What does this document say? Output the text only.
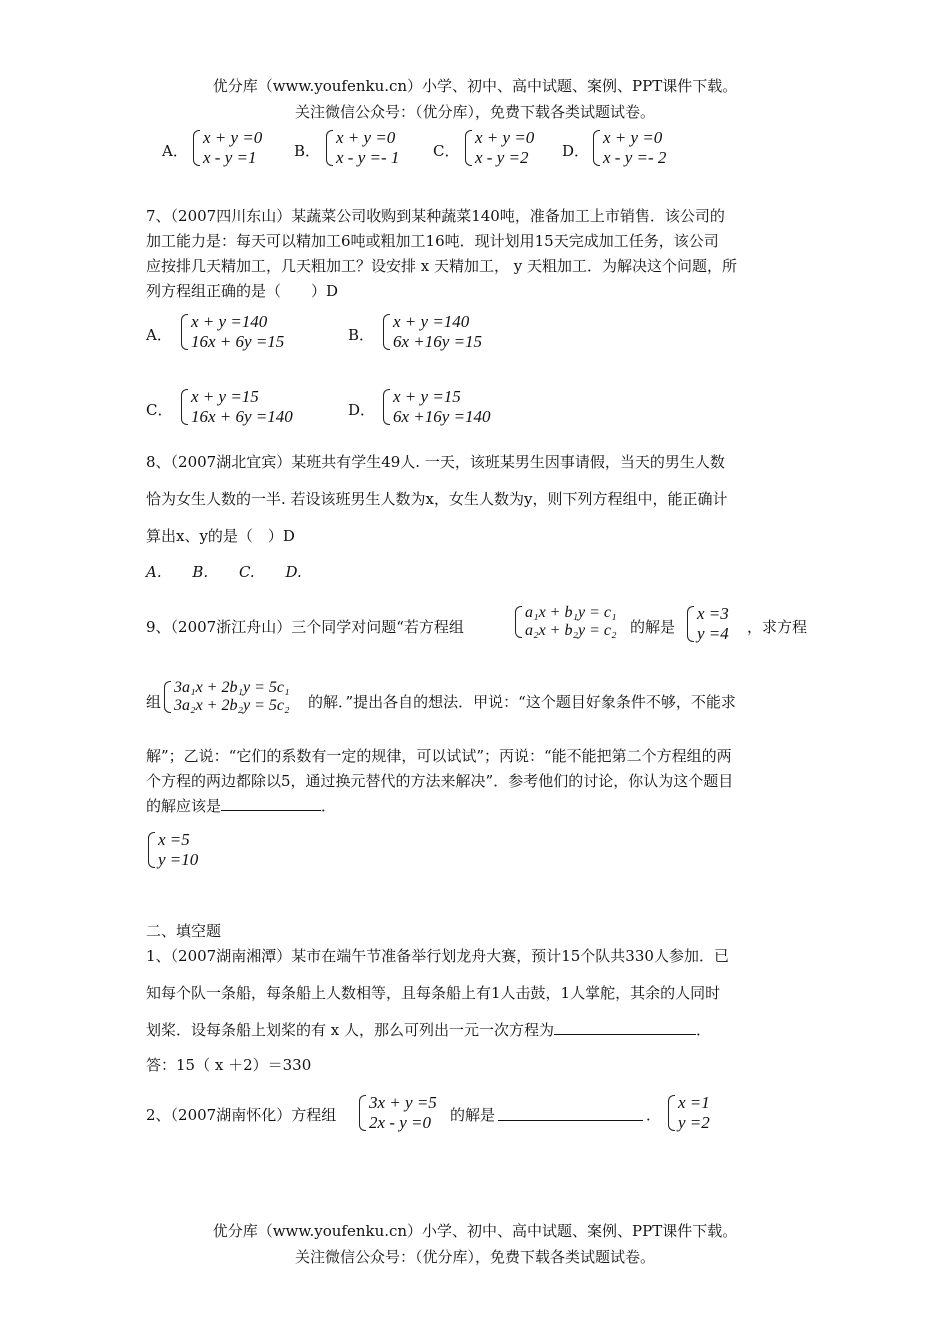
优分库（www.youfenku.cn）小学、初中、高中试题、案例、PPT课件下载。
关注微信公众号：（优分库），免费下载各类试题试卷。
A．
x + y =0
x - y =1	B．
x + y =0
x - y =- 1 C．
x + y =0
x - y =2	D．
x + y =0
x - y =- 2
7、（2007四川东山）某蔬菜公司收购到某种蔬菜140吨，准备加工上市销售．该公司的
加工能力是：每天可以精加工6吨或粗加工16吨．现计划用15天完成加工任务，该公司
应按排几天精加工，几天粗加工？设安排 x 天精加工， y 天粗加工．为解决这个问题，所
列方程组正确的是（　　）D
A．
x + y =140
16x + 6y =15	B．
x + y =140
6x +16y =15
C．
x + y =15
16x + 6y =140	D．
x + y =15
6x +16y =140
8、（2007湖北宜宾）某班共有学生49人. 一天，该班某男生因事请假，当天的男生人数
恰为女生人数的一半. 若设该班男生人数为x，女生人数为y，则下列方程组中，能正确计
算出x、y的是（　）D
A. B. C. D.
9、（2007浙江舟山）三个同学对问题“若方程组
a₁x + b₁y = c₁
a₂x + b₂y = c₂ 的解是
x =3
y =4 ，求方程
组
3a₁x + 2b₁y = 5c₁
3a₂x + 2b₂y = 5c₂ 的解．”提出各自的想法．甲说：“这个题目好象条件不够，不能求
解”；乙说：“它们的系数有一定的规律，可以试试”；丙说：“能不能把第二个方程组的两
个方程的两边都除以5，通过换元替代的方法来解决”．参考他们的讨论，你认为这个题目
的解应该是	．
x =5
y =10
二、填空题
1、（2007湖南湘潭）某市在端午节准备举行划龙舟大赛，预计15个队共330人参加．已
知每个队一条船，每条船上人数相等，且每条船上有1人击鼓，1人掌舵，其余的人同时
划桨．设每条船上划桨的有 x 人，那么可列出一元一次方程为	．
答：15（ x ＋2）＝330
2、（2007湖南怀化）方程组
3x + y =5
2x - y =0	的解是	．
x =1
y =2
优分库（www.youfenku.cn）小学、初中、高中试题、案例、PPT课件下载。
关注微信公众号：（优分库），免费下载各类试题试卷。
